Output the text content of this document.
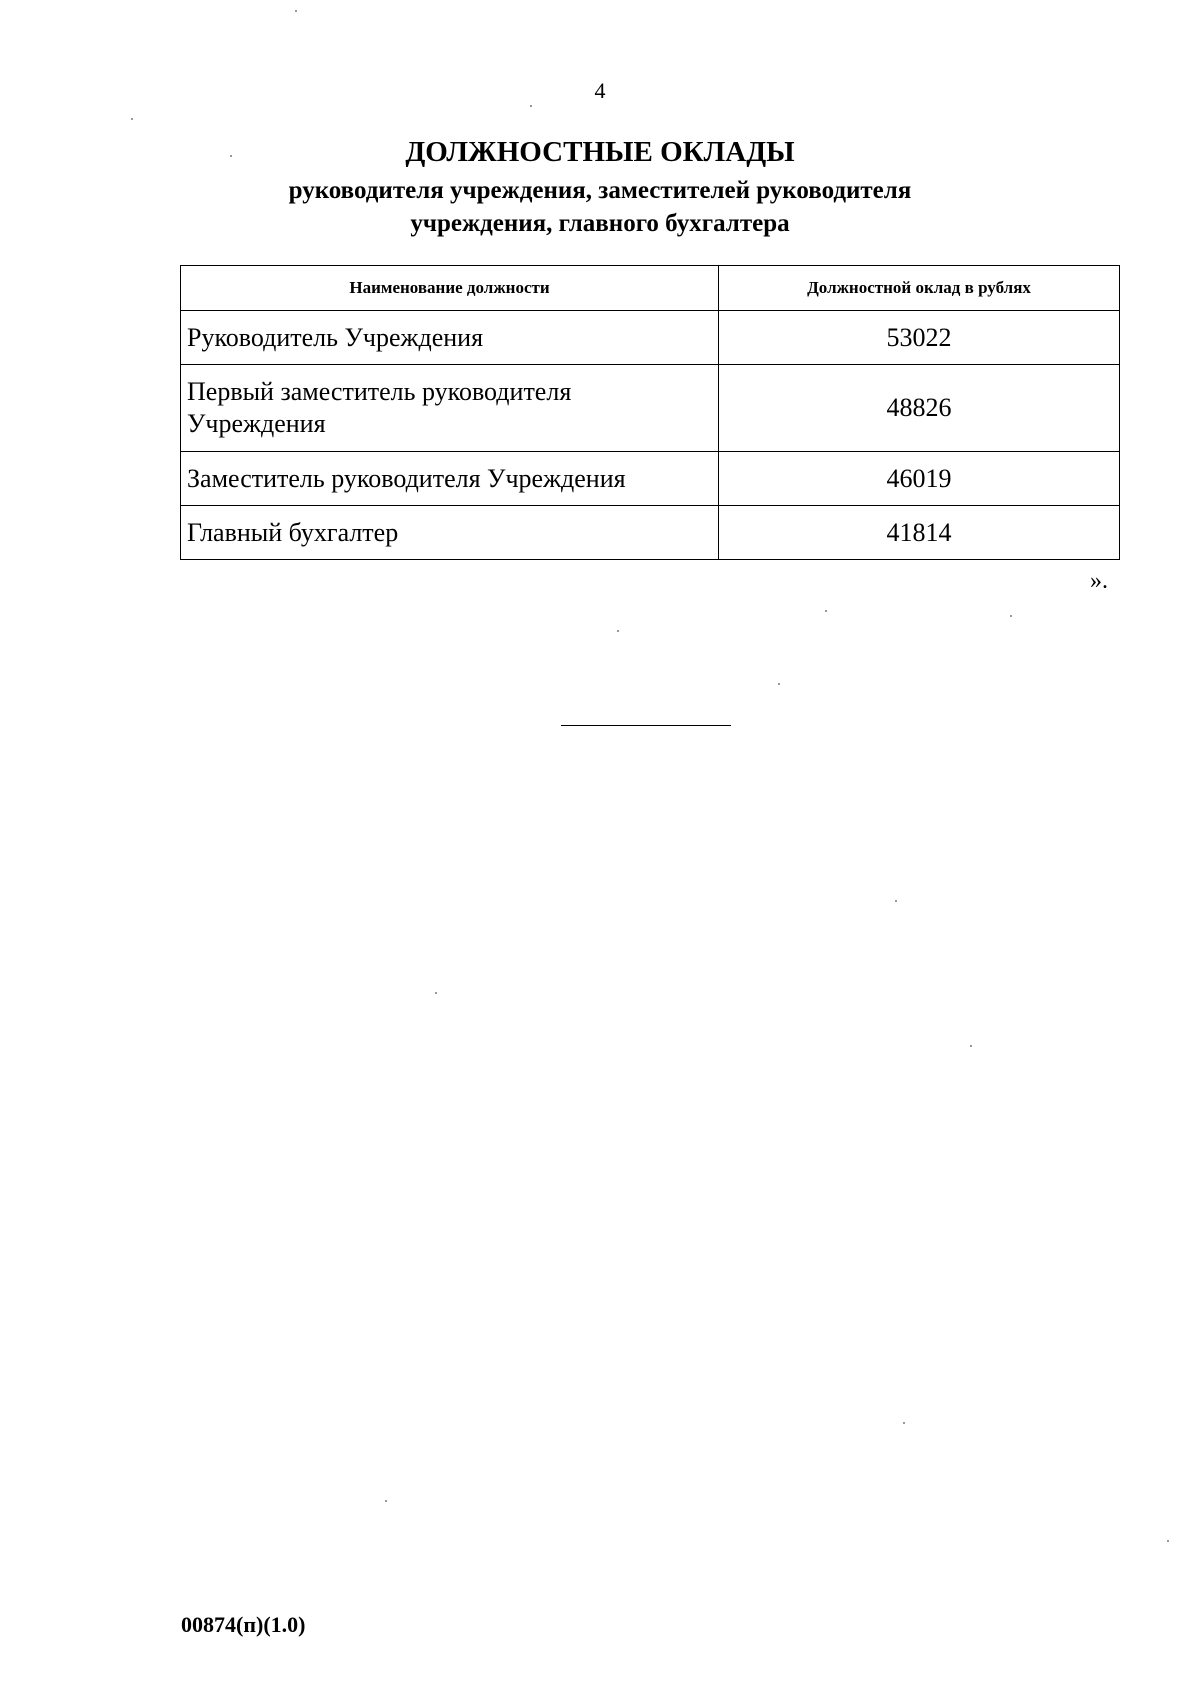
4
ДОЛЖНОСТНЫЕ ОКЛАДЫ
руководителя учреждения, заместителей руководителя
учреждения, главного бухгалтера
Наименование должности	Должностной оклад в рублях
Руководитель Учреждения	53022
Первый заместитель руководителя Учреждения	48826
Заместитель руководителя Учреждения	46019
Главный бухгалтер	41814
».
00874(п)(1.0)
